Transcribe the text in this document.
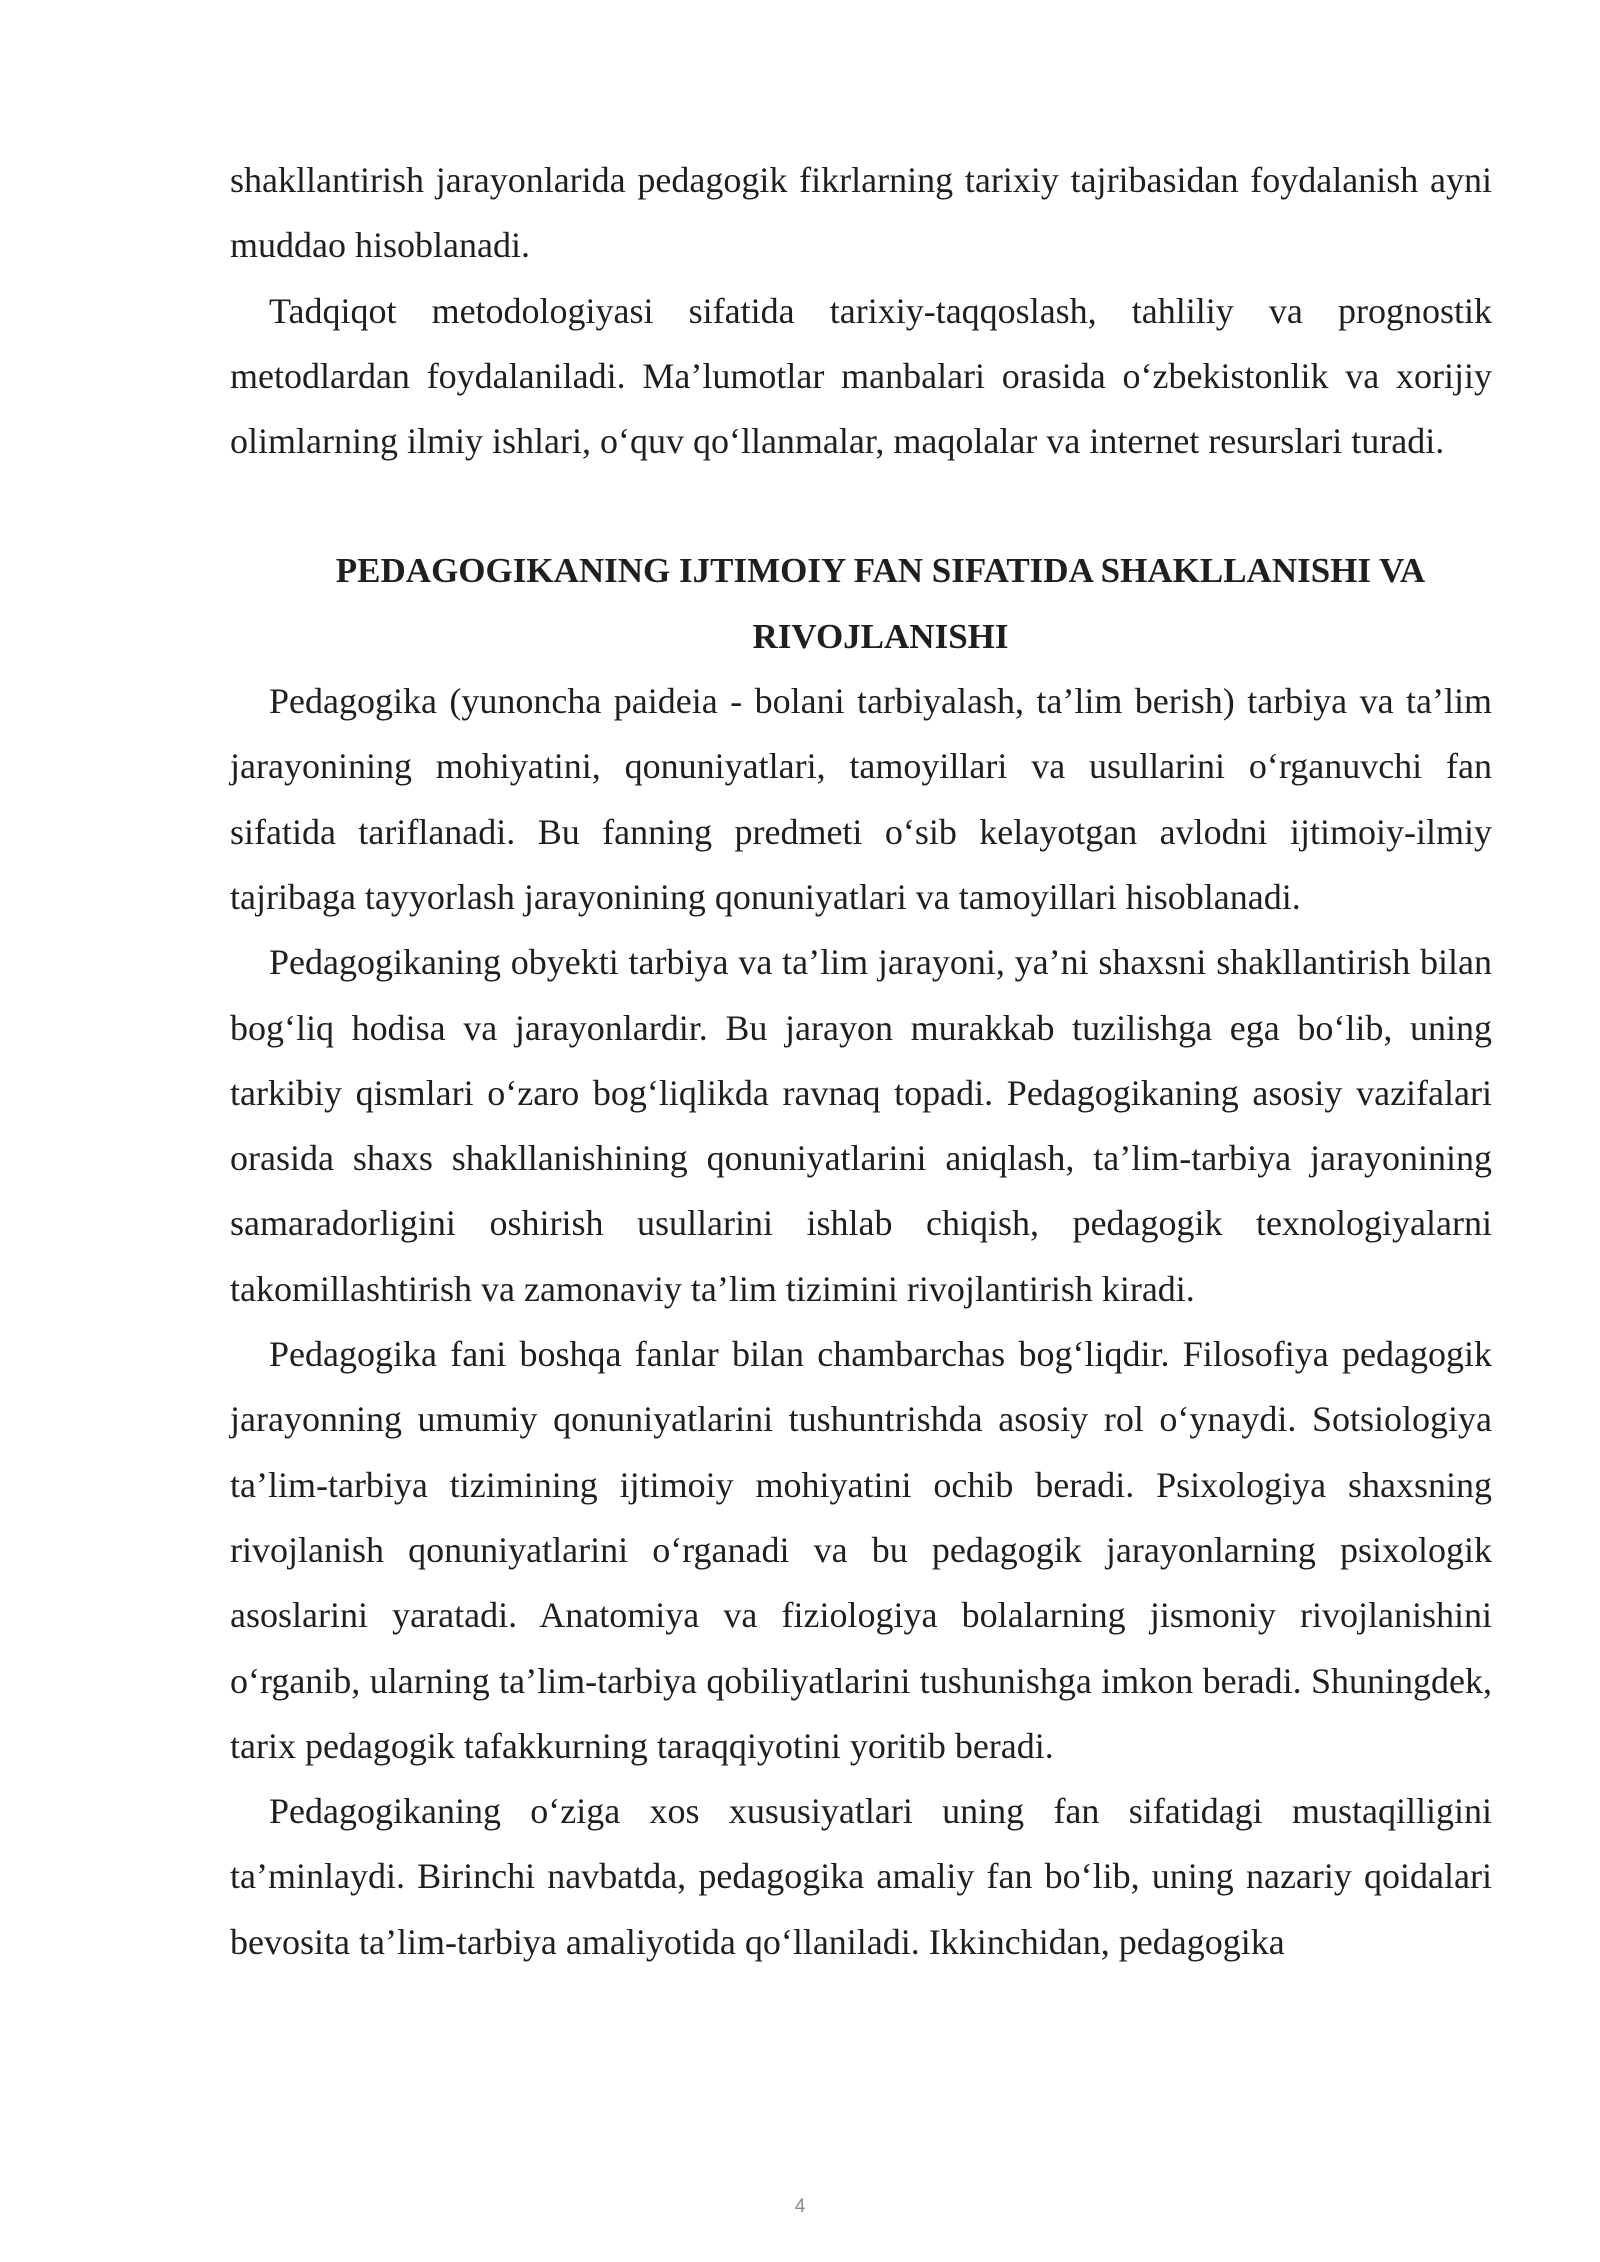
shakllantirish jarayonlarida pedagogik fikrlarning tarixiy tajribasidan foydalanish ayni muddao hisoblanadi.

Tadqiqot metodologiyasi sifatida tarixiy-taqqoslash, tahliliy va prognostik metodlardan foydalaniladi. Ma’lumotlar manbalari orasida o‘zbekistonlik va xorijiy olimlarning ilmiy ishlari, o‘quv qo‘llanmalar, maqolalar va internet resurslari turadi.

PEDAGOGIKANING IJTIMOIY FAN SIFATIDA SHAKLLANISHI VA RIVOJLANISHI

Pedagogika (yunoncha paideia - bolani tarbiyalash, ta’lim berish) tarbiya va ta’lim jarayonining mohiyatini, qonuniyatlari, tamoyillari va usullarini o‘rganuvchi fan sifatida tariflanadi. Bu fanning predmeti o‘sib kelayotgan avlodni ijtimoiy-ilmiy tajribaga tayyorlash jarayonining qonuniyatlari va tamoyillari hisoblanadi.

Pedagogikaning obyekti tarbiya va ta’lim jarayoni, ya’ni shaxsni shakllantirish bilan bog‘liq hodisa va jarayonlardir. Bu jarayon murakkab tuzilishga ega bo‘lib, uning tarkibiy qismlari o‘zaro bog‘liqlikda ravnaq topadi. Pedagogikaning asosiy vazifalari orasida shaxs shakllanishining qonuniyatlarini aniqlash, ta’lim-tarbiya jarayonining samaradorligini oshirish usullarini ishlab chiqish, pedagogik texnologiyalarni takomillashtirish va zamonaviy ta’lim tizimini rivojlantirish kiradi.

Pedagogika fani boshqa fanlar bilan chambarchas bog‘liqdir. Filosofiya pedagogik jarayonning umumiy qonuniyatlarini tushuntrishda asosiy rol o‘ynaydi. Sotsiologiya ta’lim-tarbiya tizimining ijtimoiy mohiyatini ochib beradi. Psixologiya shaxsning rivojlanish qonuniyatlarini o‘rganadi va bu pedagogik jarayonlarning psixologik asoslarini yaratadi. Anatomiya va fiziologiya bolalarning jismoniy rivojlanishini o‘rganib, ularning ta’lim-tarbiya qobiliyatlarini tushunishga imkon beradi. Shuningdek, tarix pedagogik tafakkurning taraqqiyotini yoritib beradi.

Pedagogikaning o‘ziga xos xususiyatlari uning fan sifatidagi mustaqilligini ta’minlaydi. Birinchi navbatda, pedagogika amaliy fan bo‘lib, uning nazariy qoidalari bevosita ta’lim-tarbiya amaliyotida qo‘llaniladi. Ikkinchidan, pedagogika

4
